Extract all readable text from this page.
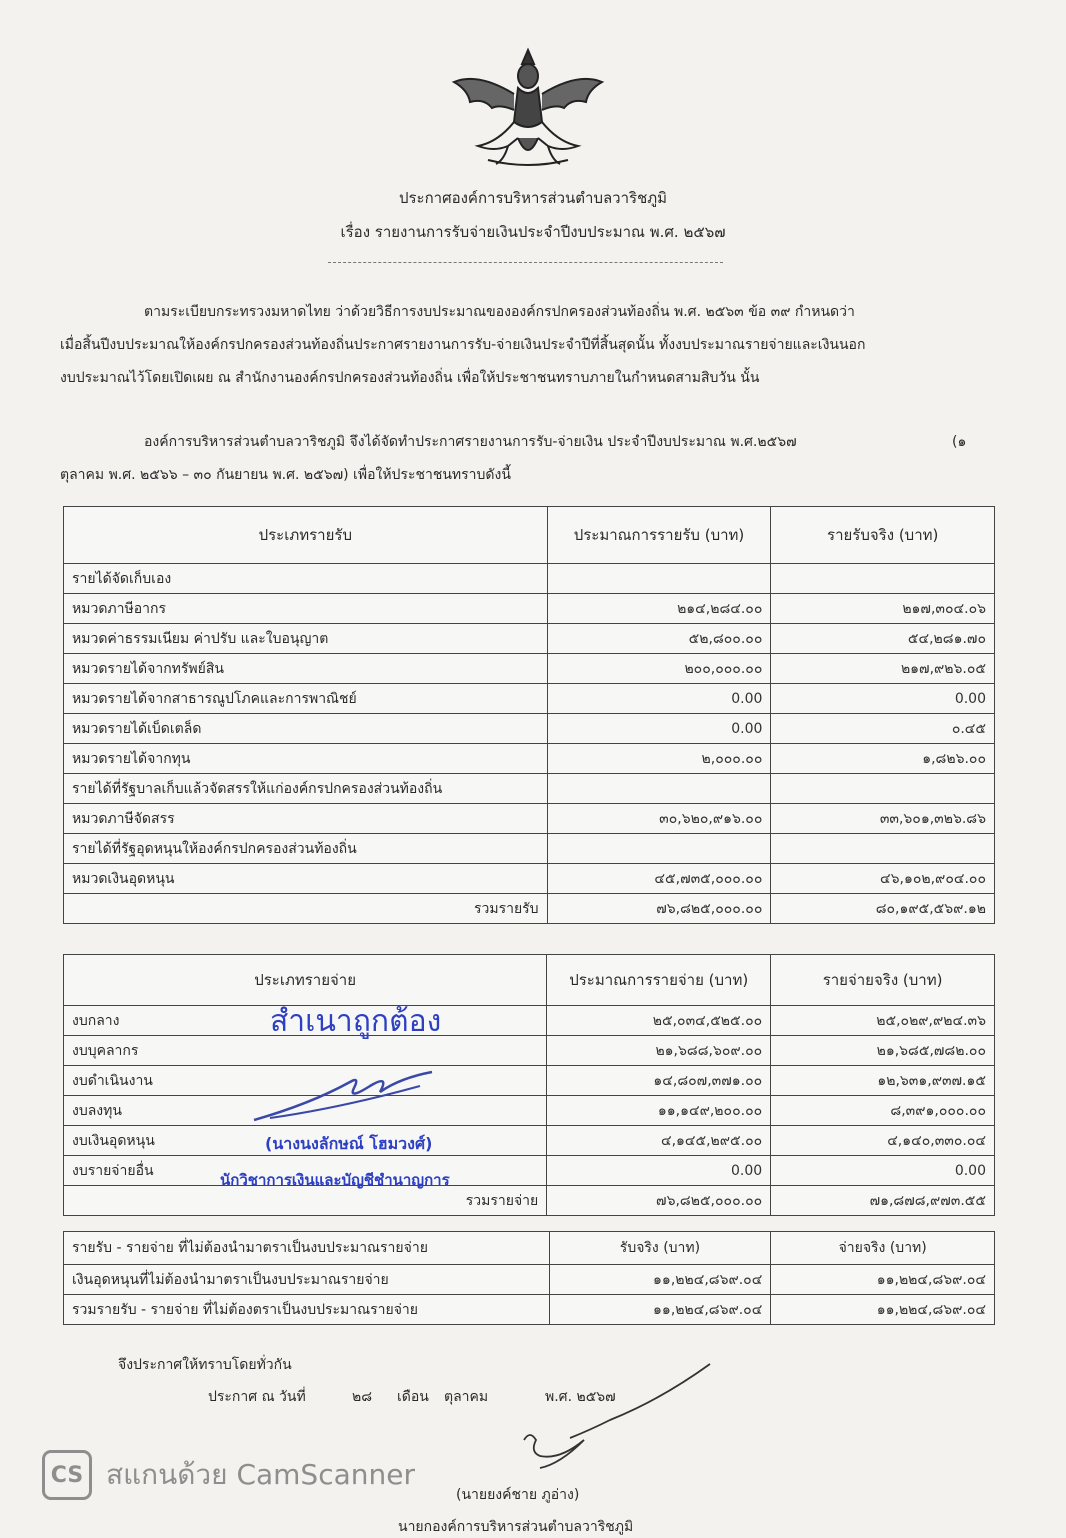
ประกาศองค์การบริหารส่วนตำบลวาริชภูมิ
เรื่อง รายงานการรับจ่ายเงินประจำปีงบประมาณ พ.ศ. ๒๕๖๗
ตามระเบียบกระทรวงมหาดไทย ว่าด้วยวิธีการงบประมาณขององค์กรปกครองส่วนท้องถิ่น พ.ศ. ๒๕๖๓ ข้อ ๓๙ กำหนดว่า
เมื่อสิ้นปีงบประมาณให้องค์กรปกครองส่วนท้องถิ่นประกาศรายงานการรับ-จ่ายเงินประจำปีที่สิ้นสุดนั้น ทั้งงบประมาณรายจ่ายและเงินนอก
งบประมาณไว้โดยเปิดเผย ณ สำนักงานองค์กรปกครองส่วนท้องถิ่น เพื่อให้ประชาชนทราบภายในกำหนดสามสิบวัน นั้น
องค์การบริหารส่วนตำบลวาริชภูมิ จึงได้จัดทำประกาศรายงานการรับ-จ่ายเงิน ประจำปีงบประมาณ พ.ศ.๒๕๖๗	(๑
ตุลาคม พ.ศ. ๒๕๖๖ – ๓๐ กันยายน พ.ศ. ๒๕๖๗) เพื่อให้ประชาชนทราบดังนี้
ประเภทรายรับ	ประมาณการรายรับ (บาท)	รายรับจริง (บาท)
รายได้จัดเก็บเอง		
หมวดภาษีอากร	๒๑๔,๒๘๔.๐๐	๒๑๗,๓๐๔.๐๖
หมวดค่าธรรมเนียม ค่าปรับ และใบอนุญาต	๕๒,๘๐๐.๐๐	๕๔,๒๘๑.๗๐
หมวดรายได้จากทรัพย์สิน	๒๐๐,๐๐๐.๐๐	๒๑๗,๙๒๖.๐๕
หมวดรายได้จากสาธารณูปโภคและการพาณิชย์	0.00	0.00
หมวดรายได้เบ็ดเตล็ด	0.00	๐.๔๕
หมวดรายได้จากทุน	๒,๐๐๐.๐๐	๑,๘๒๖.๐๐
รายได้ที่รัฐบาลเก็บแล้วจัดสรรให้แก่องค์กรปกครองส่วนท้องถิ่น		
หมวดภาษีจัดสรร	๓๐,๖๒๐,๙๑๖.๐๐	๓๓,๖๐๑,๓๒๖.๘๖
รายได้ที่รัฐอุดหนุนให้องค์กรปกครองส่วนท้องถิ่น		
หมวดเงินอุดหนุน	๔๕,๗๓๕,๐๐๐.๐๐	๔๖,๑๐๒,๙๐๔.๐๐
รวมรายรับ	๗๖,๘๒๕,๐๐๐.๐๐	๘๐,๑๙๕,๕๖๙.๑๒
ประเภทรายจ่าย	ประมาณการรายจ่าย (บาท)	รายจ่ายจริง (บาท)
งบกลาง	๒๕,๐๓๔,๕๒๕.๐๐	๒๕,๐๒๙,๙๒๔.๓๖
งบบุคลากร	๒๑,๖๘๘,๖๐๙.๐๐	๒๑,๖๘๕,๗๘๒.๐๐
งบดำเนินงาน	๑๔,๘๐๗,๓๗๑.๐๐	๑๒,๖๓๑,๙๓๗.๑๕
งบลงทุน	๑๑,๑๔๙,๒๐๐.๐๐	๘,๓๙๑,๐๐๐.๐๐
งบเงินอุดหนุน	๔,๑๔๕,๒๙๕.๐๐	๔,๑๔๐,๓๓๐.๐๔
งบรายจ่ายอื่น	0.00	0.00
รวมรายจ่าย	๗๖,๘๒๕,๐๐๐.๐๐	๗๑,๘๗๘,๙๗๓.๕๕
รายรับ - รายจ่าย ที่ไม่ต้องนำมาตราเป็นงบประมาณรายจ่าย	รับจริง (บาท)	จ่ายจริง (บาท)
เงินอุดหนุนที่ไม่ต้องนำมาตราเป็นงบประมาณรายจ่าย	๑๑,๒๒๔,๘๖๙.๐๔	๑๑,๒๒๔,๘๖๙.๐๔
รวมรายรับ - รายจ่าย ที่ไม่ต้องตราเป็นงบประมาณรายจ่าย	๑๑,๒๒๔,๘๖๙.๐๔	๑๑,๒๒๔,๘๖๙.๐๔
สำเนาถูกต้อง
(นางนงลักษณ์ โฮมวงศ์)
นักวิชาการเงินและบัญชีชำนาญการ
จึงประกาศให้ทราบโดยทั่วกัน
ประกาศ ณ วันที่	๒๘ เดือน ตุลาคม	พ.ศ. ๒๕๖๗
(นายยงค์ชาย ภูอ่าง)
นายกองค์การบริหารส่วนตำบลวาริชภูมิ
CS สแกนด้วย CamScanner
